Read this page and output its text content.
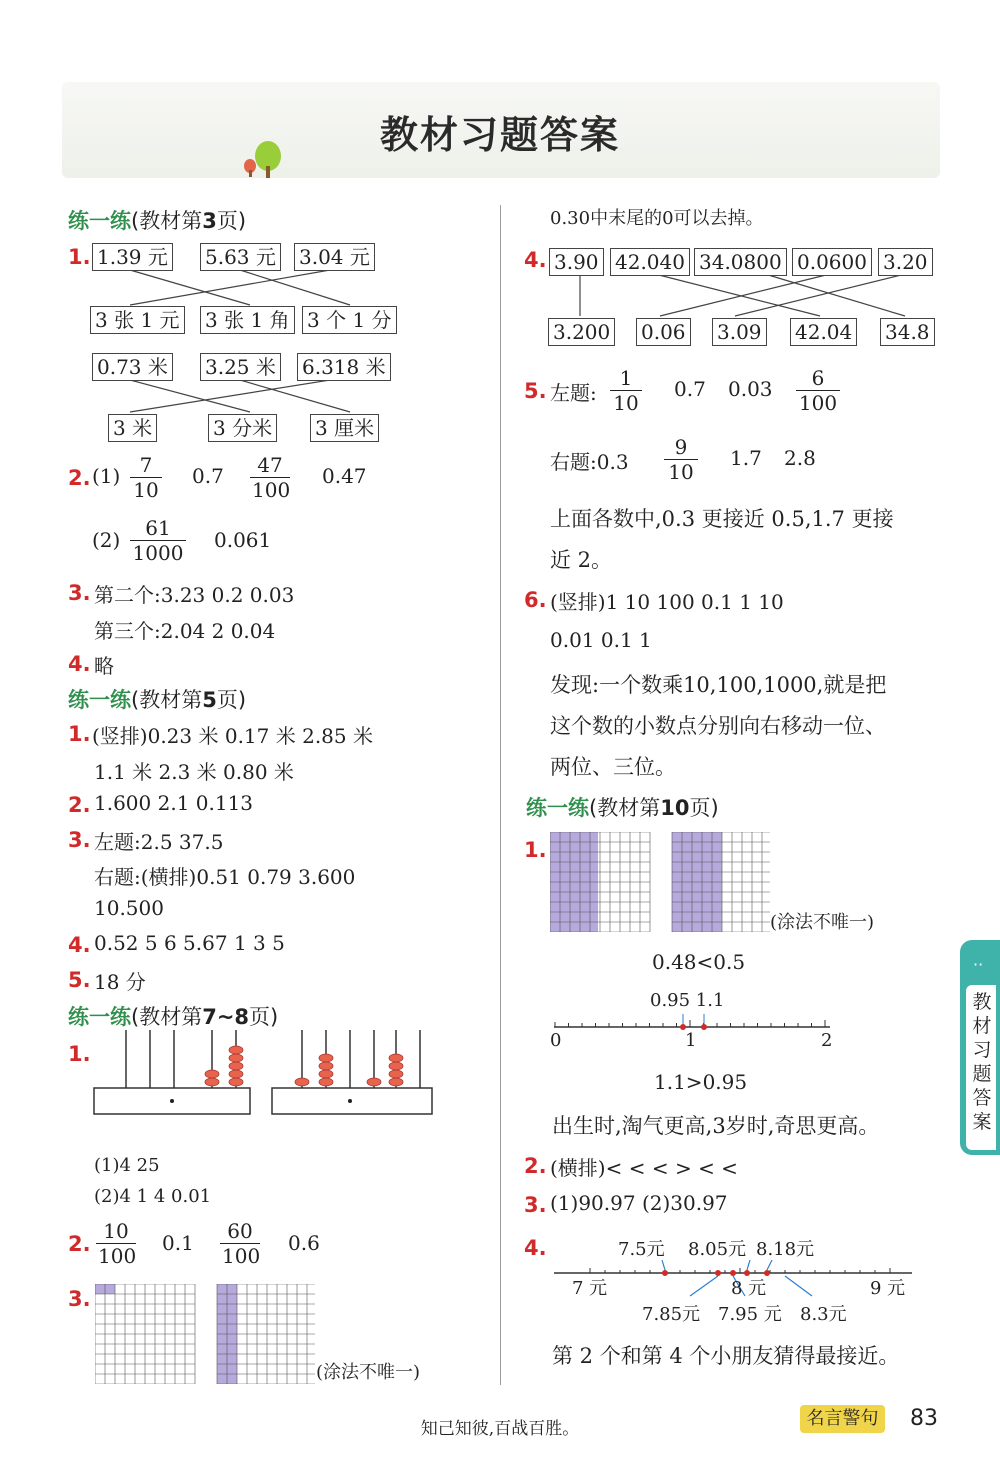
教材习题答案
练一练(教材第3页)
1. 1.39 元 5.63 元 3.04 元
3 张 1 元 3 张 1 角 3 个 1 分
0.73 米 3.25 米 6.318 米
3 米	3 分米 3 厘米
2. $(1) \frac{7}{10} 0.7 \frac{47}{100} 0.47$
$(2) \frac{61}{1000} 0.061$
3. 第二个:3.23 0.2 0.03
第三个:2.04 2 0.04
4. 略
练一练(教材第5页)
1. (竖排)0.23 米 0.17 米 2.85 米
1.1 米 2.3 米 0.80 米
2. 1.600 2.1 0.113
3. 左题:2.5 37.5
右题:(横排)0.51 0.79 3.600
10.500
4. 0.52 5 6 5.67 1 3 5
5. 18 分
练一练(教材第7~8页)
1.
(1)4 25
(2)4 1 4 0.01
2. $\frac{10}{100} 0.1 \frac{60}{100} 0.6$
3.
(涂法不唯一)
0.30中末尾的0可以去掉。
4. 3.90 42.040 34.0800 0.0600 3.20
3.200 0.06 3.09 42.04 34.8
5. 左题: $\frac{1}{10} 0.7$ $0.03 \frac{6}{100}$
右题:0.3 $\frac{9}{10} 1.7$ 2.8
上面各数中,0.3 更接近 0.5,1.7 更接
近 2。
6. (竖排)1 10 100 0.1 1 10
0.01 0.1 1
发现:一个数乘10,100,1000,就是把
这个数的小数点分别向右移动一位、
两位、三位。
练一练(教材第10页)
1.
(涂法不唯一)
0.48<0.5
0.95 1.1
0	1	2
1.1>0.95
出生时,淘气更高,3岁时,奇思更高。
2. (横排)< < < > < <
3. (1)90.97 (2)30.97
4.	7.5元 8.05元 8.18元
7 元	8 元	9 元
7.85元 7.95 元 8.3元
第 2 个和第 4 个小朋友猜得最接近。
··
教材习题答案
知己知彼,百战百胜。	名言警句 83
